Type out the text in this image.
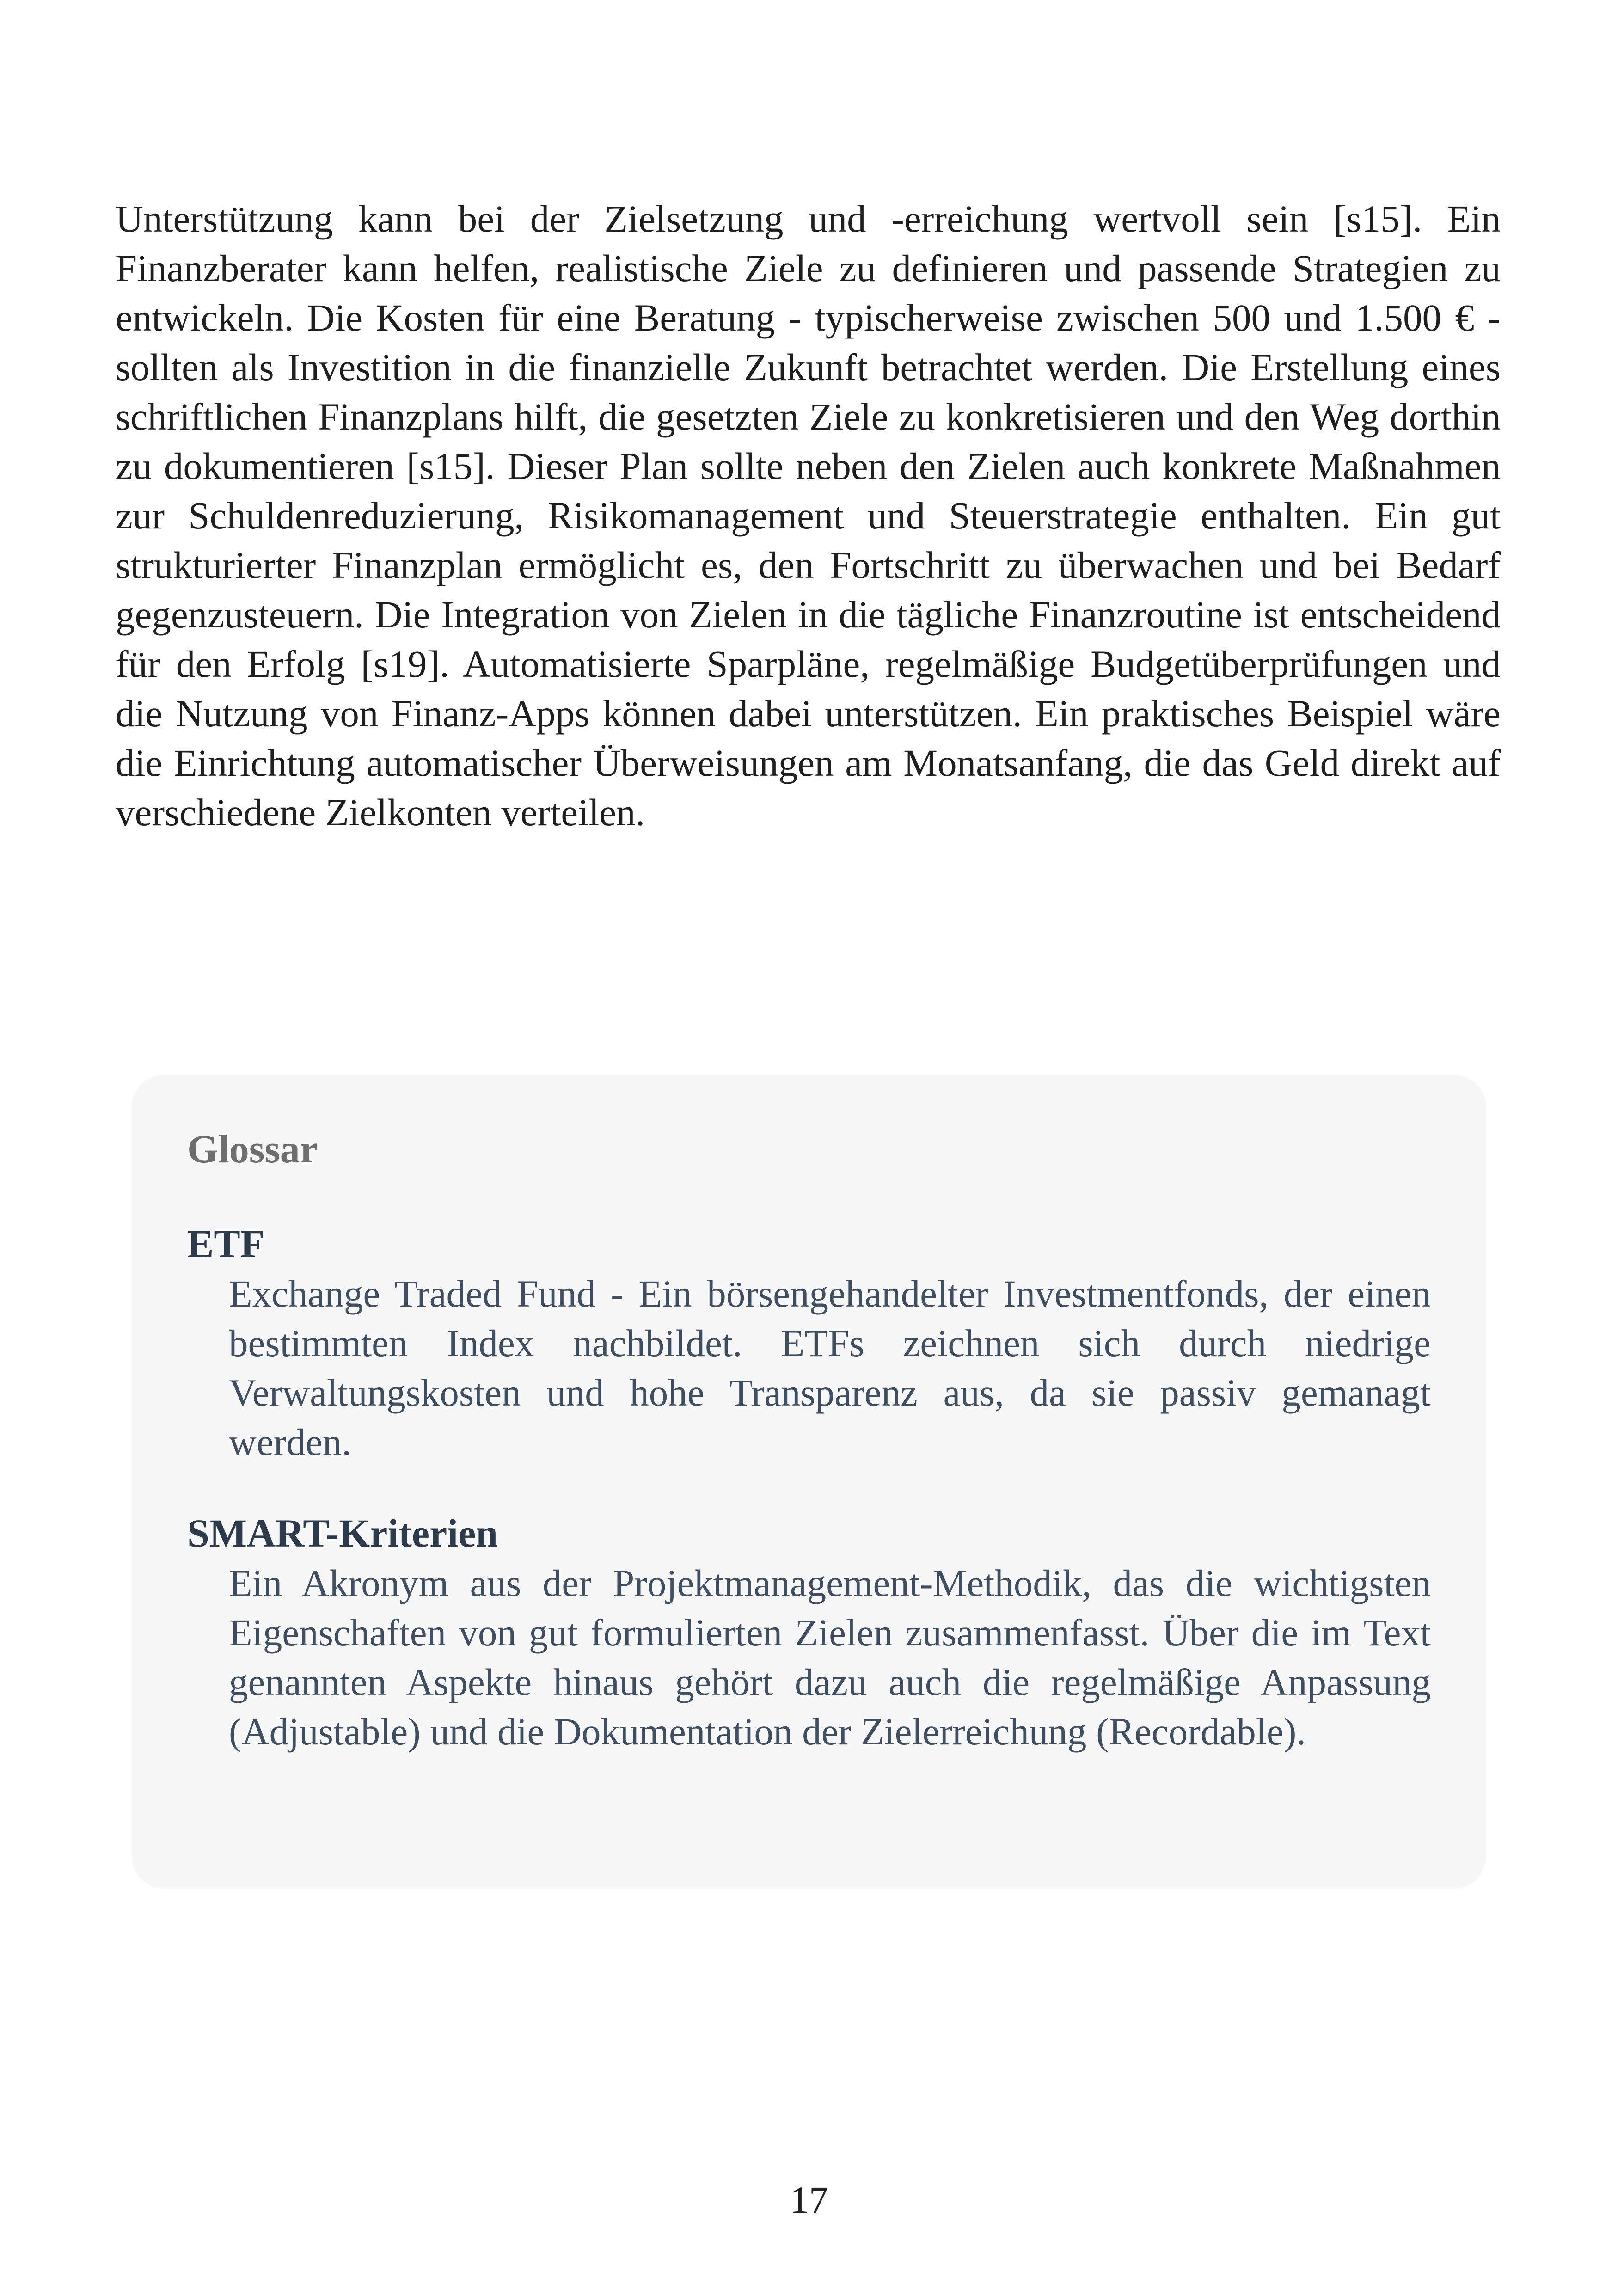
Unterstützung kann bei der Zielsetzung und -erreichung wertvoll sein [s15]. Ein Finanzberater kann helfen, realistische Ziele zu definieren und passende Strategien zu entwickeln. Die Kosten für eine Beratung - typischerweise zwischen 500 und 1.500 € - sollten als Investition in die finanzielle Zukunft betrachtet werden. Die Erstellung eines schriftlichen Finanzplans hilft, die gesetzten Ziele zu konkretisieren und den Weg dorthin zu dokumentieren [s15]. Dieser Plan sollte neben den Zielen auch konkrete Maßnahmen zur Schuldenreduzierung, Risikomanagement und Steuerstrategie enthalten. Ein gut strukturierter Finanzplan ermöglicht es, den Fortschritt zu überwachen und bei Bedarf gegenzusteuern. Die Integration von Zielen in die tägliche Finanzroutine ist entscheidend für den Erfolg [s19]. Automatisierte Sparpläne, regelmäßige Budgetüberprüfungen und die Nutzung von Finanz-Apps können dabei unterstützen. Ein praktisches Beispiel wäre die Einrichtung automatischer Überweisungen am Monatsanfang, die das Geld direkt auf verschiedene Zielkonten verteilen.
Glossar
ETF
Exchange Traded Fund - Ein börsengehandelter Investmentfonds, der einen bestimmten Index nachbildet. ETFs zeichnen sich durch niedrige Verwaltungskosten und hohe Transparenz aus, da sie passiv gemanagt werden.
SMART-Kriterien
Ein Akronym aus der Projektmanagement-Methodik, das die wichtigsten Eigenschaften von gut formulierten Zielen zusammenfasst. Über die im Text genannten Aspekte hinaus gehört dazu auch die regelmäßige Anpassung (Adjustable) und die Dokumentation der Zielerreichung (Recordable).
17
